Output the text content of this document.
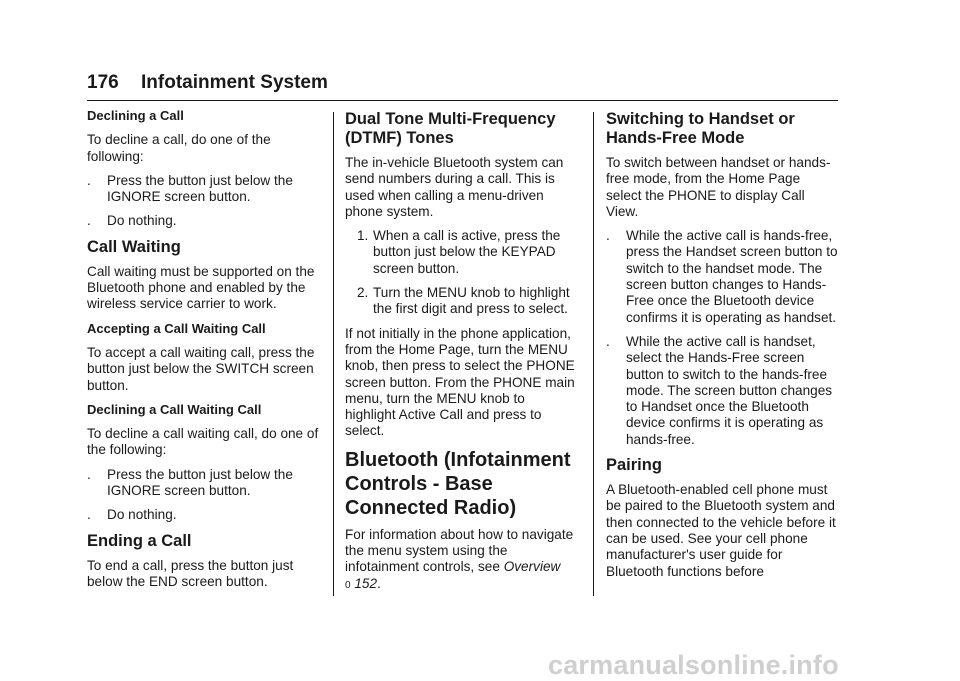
176 Infotainment System
Declining a Call

To decline a call, do one of the following:

.	Press the button just below the IGNORE screen button.
.	Do nothing.
Call Waiting

Call waiting must be supported on the Bluetooth phone and enabled by the wireless service carrier to work.

Accepting a Call Waiting Call

To accept a call waiting call, press the button just below the SWITCH screen button.

Declining a Call Waiting Call

To decline a call waiting call, do one of the following:

.	Press the button just below the IGNORE screen button.
.	Do nothing.
Ending a Call

To end a call, press the button just below the END screen button.

Dual Tone Multi-Frequency (DTMF) Tones

The in-vehicle Bluetooth system can send numbers during a call. This is used when calling a menu-driven phone system.

1. When a call is active, press the button just below the KEYPAD screen button.
2. Turn the MENU knob to highlight the first digit and press to select.

If not initially in the phone application, from the Home Page, turn the MENU knob, then press to select the PHONE screen button. From the PHONE main menu, turn the MENU knob to highlight Active Call and press to select.

Bluetooth (Infotainment Controls - Base Connected Radio)

For information about how to navigate the menu system using the infotainment controls, see Overview
0 152.

Switching to Handset or Hands-Free Mode

To switch between handset or hands-free mode, from the Home Page select the PHONE to display Call View.

.	While the active call is hands-free, press the Handset screen button to switch to the handset mode. The screen button changes to Hands-Free once the Bluetooth device confirms it is operating as handset.
.	While the active call is handset, select the Hands-Free screen button to switch to the hands-free mode. The screen button changes to Handset once the Bluetooth device confirms it is operating as hands-free.
Pairing

A Bluetooth-enabled cell phone must be paired to the Bluetooth system and then connected to the vehicle before it can be used. See your cell phone manufacturer's user guide for Bluetooth functions before

carmanualsonline.info
